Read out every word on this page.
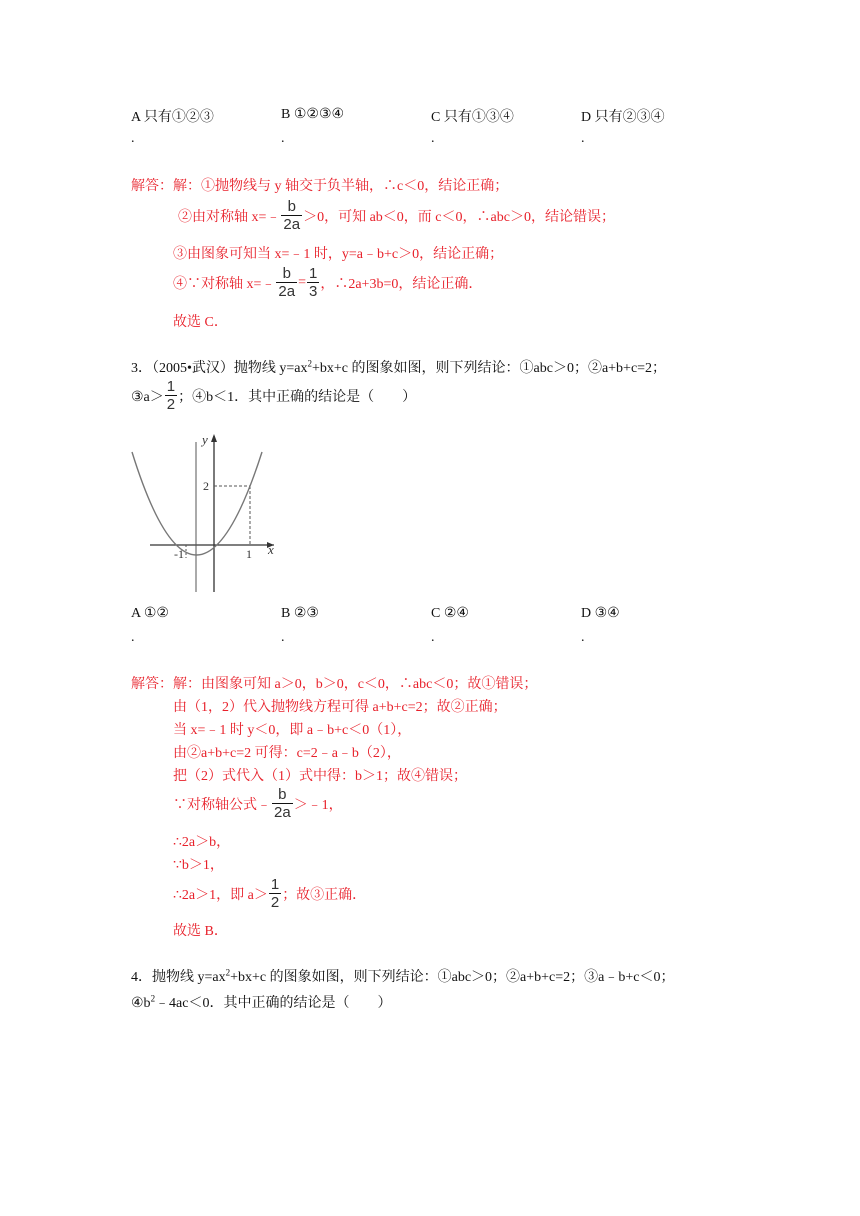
A 只有①②③
.
B ①②③④
.
C 只有①③④
.
D 只有②③④
.
解答： 解：①抛物线与 y 轴交于负半轴，∴c＜0，结论正确；
②由对称轴 x=﹣ $\frac{b}{2a} >0$，可知 ab＜0，而 c＜0，∴abc＞0，结论错误；
③由图象可知当 x=﹣1 时，y=a﹣b+c＞0，结论正确；
④∵对称轴 x=﹣ $\frac{b}{2a} = \frac{1}{3}$ ，∴2a+3b=0，结论正确．
故选 C．
3．（2005•武汉）抛物线 $y=ax^2+bx+c$ 的图象如图，则下列结论：①abc＞0；②a+b+c=2；
③a＞ $\frac{1}{2}$ ；④b＜1．其中正确的结论是（　　）
y
x
2
-1	1
A ①②
.
B ②③
.
C ②④
.
D ③④
.
解答： 解：由图象可知 a＞0，b＞0，c＜0，∴abc＜0；故①错误；
由（1，2）代入抛物线方程可得 a+b+c=2；故②正确；
当 x=﹣1 时 y＜0，即 a﹣b+c＜0（1），
由②a+b+c=2 可得：c=2﹣a﹣b（2），
把（2）式代入（1）式中得：b＞1；故④错误；
∵对称轴公式﹣ $\frac{b}{2a}$ ＞﹣1，
∴2a＞b，
∵b＞1，
∴2a＞1，即 $a> \frac{1}{2}$ ；故③正确．
故选 B．
4．抛物线 $y=ax^2+bx+c$ 的图象如图，则下列结论：①abc＞0；②a+b+c=2；③a﹣b+c＜0；
$④b^2﹣4ac<0$．其中正确的结论是（　　）
